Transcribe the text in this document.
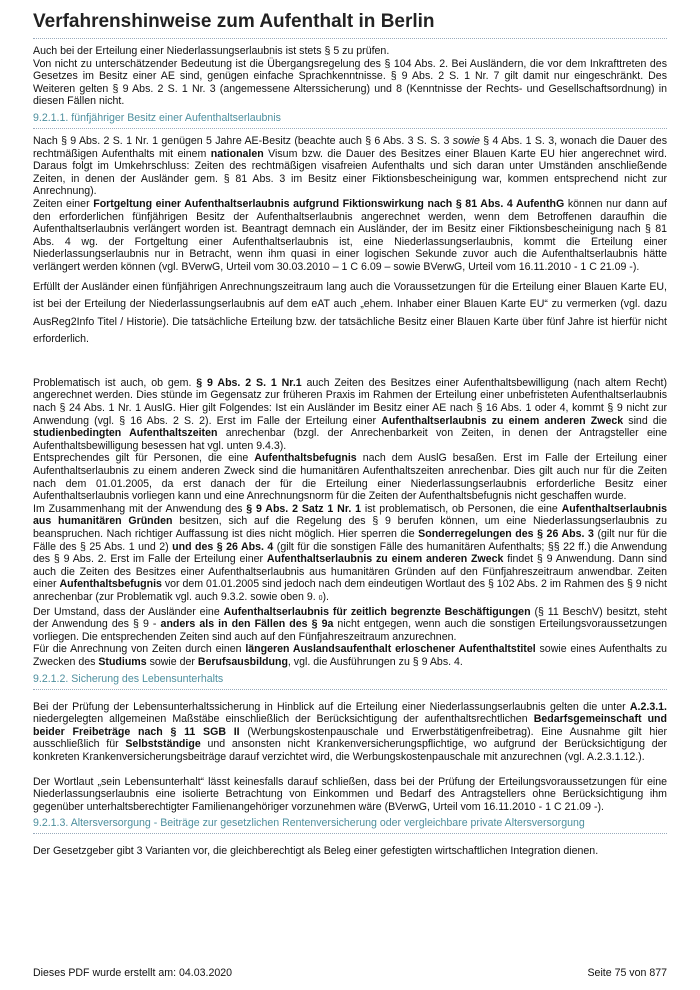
Verfahrenshinweise zum Aufenthalt in Berlin

Auch bei der Erteilung einer Niederlassungserlaubnis ist stets § 5 zu prüfen.

Von nicht zu unterschätzender Bedeutung ist die Übergangsregelung des § 104 Abs. 2. Bei Ausländern, die vor dem Inkrafttreten des Gesetzes im Besitz einer AE sind, genügen einfache Sprachkenntnisse. § 9 Abs. 2 S. 1 Nr. 7 gilt damit nur eingeschränkt. Des Weiteren gelten § 9 Abs. 2 S. 1 Nr. 3 (angemessene Alterssicherung) und 8 (Kenntnisse der Rechts- und Gesellschaftsordnung) in diesen Fällen nicht.

9.2.1.1. fünfjähriger Besitz einer Aufenthaltserlaubnis

Nach § 9 Abs. 2 S. 1 Nr. 1 genügen 5 Jahre AE-Besitz (beachte auch § 6 Abs. 3 S. S. 3 sowie § 4 Abs. 1 S. 3, wonach die Dauer des rechtmäßigen Aufenthalts mit einem nationalen Visum bzw. die Dauer des Besitzes einer Blauen Karte EU hier angerechnet wird. Daraus folgt im Umkehrschluss: Zeiten des rechtmäßigen visafreien Aufenthalts und sich daran unter Umständen anschließende Zeiten, in denen der Ausländer gem. § 81 Abs. 3 im Besitz einer Fiktionsbescheinigung war, kommen entsprechend nicht zur Anrechnung).

Zeiten einer Fortgeltung einer Aufenthaltserlaubnis aufgrund Fiktionswirkung nach § 81 Abs. 4 AufenthG können nur dann auf den erforderlichen fünfjährigen Besitz der Aufenthaltserlaubnis angerechnet werden, wenn dem Betroffenen daraufhin die Aufenthaltserlaubnis verlängert worden ist. Beantragt demnach ein Ausländer, der im Besitz einer Fiktionsbescheinigung nach § 81 Abs. 4 wg. der Fortgeltung einer Aufenthaltserlaubnis ist, eine Niederlassungserlaubnis, kommt die Erteilung einer Niederlassungserlaubnis nur in Betracht, wenn ihm quasi in einer logischen Sekunde zuvor auch die Aufenthaltserlaubnis hätte verlängert werden können (vgl. BVerwG, Urteil vom 30.03.2010 – 1 C 6.09 – sowie BVerwG, Urteil vom 16.11.2010 - 1 C 21.09 -).

Erfüllt der Ausländer einen fünfjährigen Anrechnungszeitraum lang auch die Voraussetzungen für die Erteilung einer Blauen Karte EU, ist bei der Erteilung der Niederlassungserlaubnis auf dem eAT auch „ehem. Inhaber einer Blauen Karte EU“ zu vermerken (vgl. dazu AusReg2Info Titel / Historie). Die tatsächliche Erteilung bzw. der tatsächliche Besitz einer Blauen Karte über fünf Jahre ist hierfür nicht erforderlich.

Problematisch ist auch, ob gem. § 9 Abs. 2 S. 1 Nr.1 auch Zeiten des Besitzes einer Aufenthaltsbewilligung (nach altem Recht) angerechnet werden. Dies stünde im Gegensatz zur früheren Praxis im Rahmen der Erteilung einer unbefristeten Aufenthaltserlaubnis nach § 24 Abs. 1 Nr. 1 AuslG. Hier gilt Folgendes: Ist ein Ausländer im Besitz einer AE nach § 16 Abs. 1 oder 4, kommt § 9 nicht zur Anwendung (vgl. § 16 Abs. 2 S. 2). Erst im Falle der Erteilung einer Aufenthaltserlaubnis zu einem anderen Zweck sind die studienbedingten Aufenthaltszeiten anrechenbar (bzgl. der Anrechenbarkeit von Zeiten, in denen der Antragsteller eine Aufenthaltsbewilligung besessen hat vgl. unten 9.4.3).

Entsprechendes gilt für Personen, die eine Aufenthaltsbefugnis nach dem AuslG besaßen. Erst im Falle der Erteilung einer Aufenthaltserlaubnis zu einem anderen Zweck sind die humanitären Aufenthaltszeiten anrechenbar. Dies gilt auch nur für die Zeiten nach dem 01.01.2005, da erst danach der für die Erteilung einer Niederlassungserlaubnis erforderliche Besitz einer Aufenthaltserlaubnis vorliegen kann und eine Anrechnungsnorm für die Zeiten der Aufenthaltsbefugnis nicht geschaffen wurde.

Im Zusammenhang mit der Anwendung des § 9 Abs. 2 Satz 1 Nr. 1 ist problematisch, ob Personen, die eine Aufenthaltserlaubnis aus humanitären Gründen besitzen, sich auf die Regelung des § 9 berufen können, um eine Niederlassungserlaubnis zu beanspruchen. Nach richtiger Auffassung ist dies nicht möglich. Hier sperren die Sonderregelungen des § 26 Abs. 3 (gilt nur für die Fälle des § 25 Abs. 1 und 2) und des § 26 Abs. 4 (gilt für die sonstigen Fälle des humanitären Aufenthalts; §§ 22 ff.) die Anwendung des § 9 Abs. 2. Erst im Falle der Erteilung einer Aufenthaltserlaubnis zu einem anderen Zweck findet § 9 Anwendung. Dann sind auch die Zeiten des Besitzes einer Aufenthaltserlaubnis aus humanitären Gründen auf den Fünfjahreszeitraum anwendbar. Zeiten einer Aufenthaltsbefugnis vor dem 01.01.2005 sind jedoch nach dem eindeutigen Wortlaut des § 102 Abs. 2 im Rahmen des § 9 nicht anrechenbar (zur Problematik vgl. auch 9.3.2. sowie oben 9. 0).

Der Umstand, dass der Ausländer eine Aufenthaltserlaubnis für zeitlich begrenzte Beschäftigungen (§ 11 BeschV) besitzt, steht der Anwendung des § 9 - anders als in den Fällen des § 9a nicht entgegen, wenn auch die sonstigen Erteilungsvoraussetzungen vorliegen. Die entsprechenden Zeiten sind auch auf den Fünfjahreszeitraum anzurechnen.

Für die Anrechnung von Zeiten durch einen längeren Auslandsaufenthalt erloschener Aufenthaltstitel sowie eines Aufenthalts zu Zwecken des Studiums sowie der Berufsausbildung, vgl. die Ausführungen zu § 9 Abs. 4.

9.2.1.2. Sicherung des Lebensunterhalts

Bei der Prüfung der Lebensunterhaltssicherung in Hinblick auf die Erteilung einer Niederlassungserlaubnis gelten die unter A.2.3.1. niedergelegten allgemeinen Maßstäbe einschließlich der Berücksichtigung der aufenthaltsrechtlichen Bedarfsgemeinschaft und beider Freibeträge nach § 11 SGB II (Werbungskostenpauschale und Erwerbstätigenfreibetrag). Eine Ausnahme gilt hier ausschließlich für Selbstständige und ansonsten nicht Krankenversicherungspflichtige, wo aufgrund der Berücksichtigung der konkreten Krankenversicherungsbeiträge darauf verzichtet wird, die Werbungskostenpauschale mit anzurechnen (vgl. A.2.3.1.12.).

Der Wortlaut „sein Lebensunterhalt“ lässt keinesfalls darauf schließen, dass bei der Prüfung der Erteilungsvoraussetzungen für eine Niederlassungserlaubnis eine isolierte Betrachtung von Einkommen und Bedarf des Antragstellers ohne Berücksichtigung ihm gegenüber unterhaltsberechtigter Familienangehöriger vorzunehmen wäre (BVerwG, Urteil vom 16.11.2010 - 1 C 21.09 -).

9.2.1.3. Altersversorgung - Beiträge zur gesetzlichen Rentenversicherung oder vergleichbare private Altersversorgung

Der Gesetzgeber gibt 3 Varianten vor, die gleichberechtigt als Beleg einer gefestigten wirtschaftlichen Integration dienen.

Dieses PDF wurde erstellt am: 04.03.2020	Seite 75 von 877
